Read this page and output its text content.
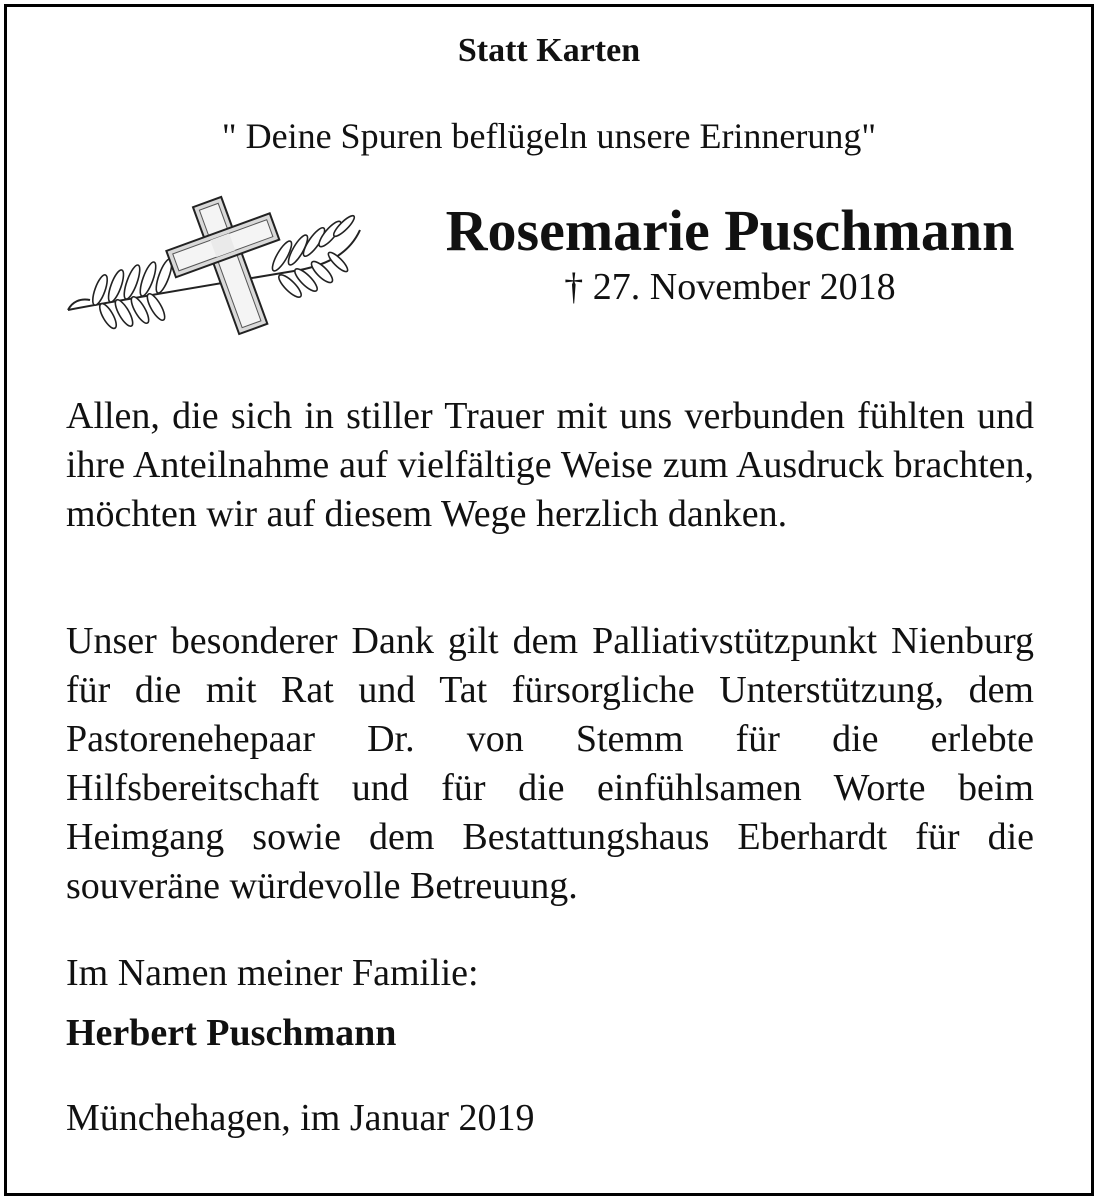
Statt Karten
" Deine Spuren beflügeln unsere Erinnerung"
Rosemarie Puschmann
† 27. November 2018
Allen, die sich in stiller Trauer mit uns verbunden fühlten und ihre Anteilnahme auf vielfältige Weise zum Ausdruck brachten, möchten wir auf diesem Wege herzlich danken.
Unser besonderer Dank gilt dem Palliativstützpunkt Nienburg für die mit Rat und Tat fürsorgliche Unterstützung, dem Pastorenehepaar Dr. von Stemm für die erlebte Hilfsbereitschaft und für die einfühlsamen Worte beim Heimgang sowie dem Bestattungshaus Eberhardt für die souveräne würdevolle Betreuung.
Im Namen meiner Familie:
Herbert Puschmann
Münchehagen, im Januar 2019
